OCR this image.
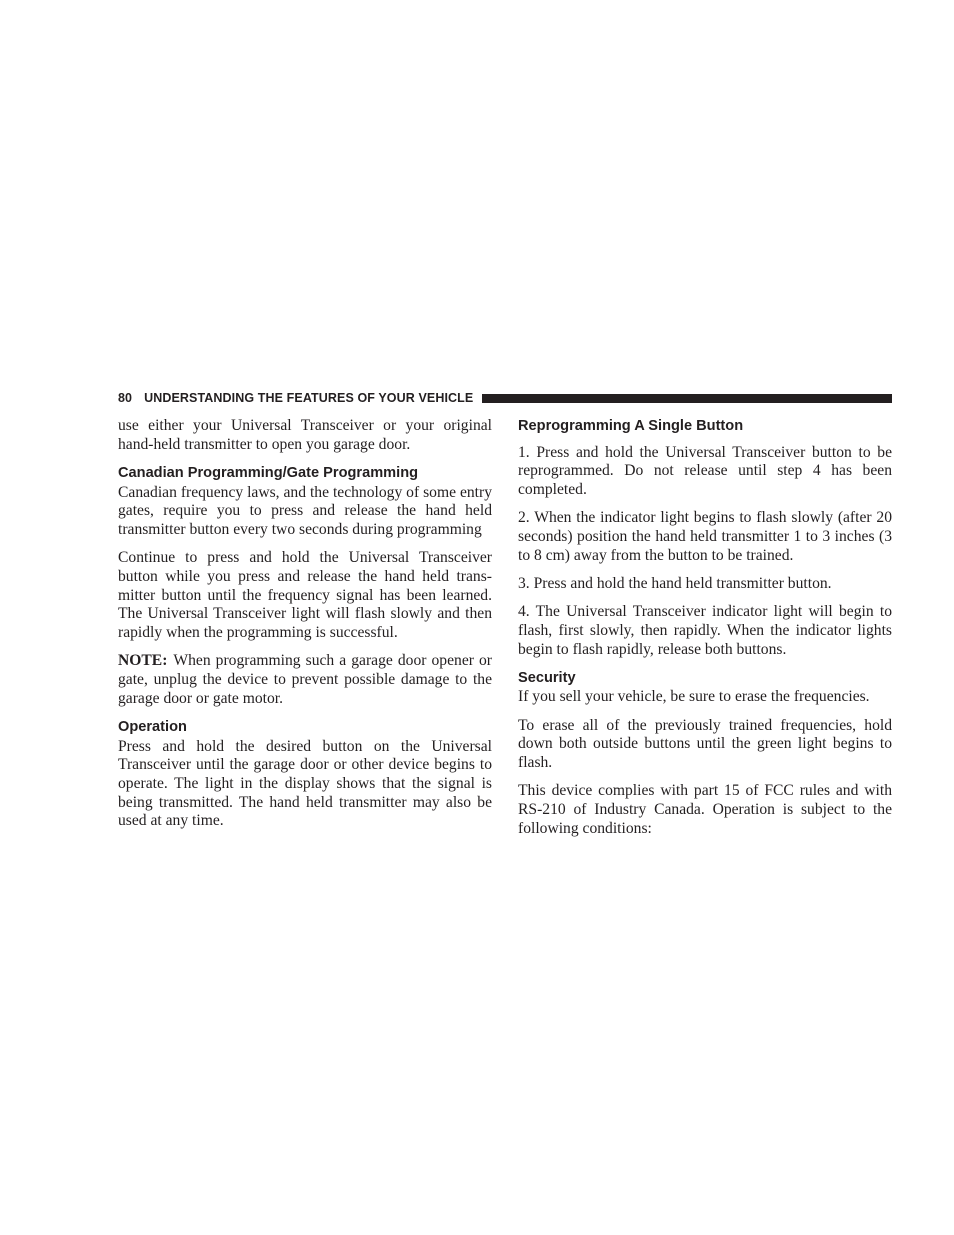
80 UNDERSTANDING THE FEATURES OF YOUR VEHICLE

use either your Universal Transceiver or your original hand-held transmitter to open you garage door.

Canadian Programming/Gate Programming

Canadian frequency laws, and the technology of some entry gates, require you to press and release the hand held transmitter button every two seconds during programming

Continue to press and hold the Universal Transceiver button while you press and release the hand held transmitter button until the frequency signal has been learned. The Universal Transceiver light will flash slowly and then rapidly when the programming is successful.

NOTE: When programming such a garage door opener or gate, unplug the device to prevent possible damage to the garage door or gate motor.

Operation

Press and hold the desired button on the Universal Transceiver until the garage door or other device begins to operate. The light in the display shows that the signal is being transmitted. The hand held transmitter may also be used at any time.

Reprogramming A Single Button

1. Press and hold the Universal Transceiver button to be reprogrammed. Do not release until step 4 has been completed.

2. When the indicator light begins to flash slowly (after 20 seconds) position the hand held transmitter 1 to 3 inches (3 to 8 cm) away from the button to be trained.

3. Press and hold the hand held transmitter button.

4. The Universal Transceiver indicator light will begin to flash, first slowly, then rapidly. When the indicator lights begin to flash rapidly, release both buttons.

Security

If you sell your vehicle, be sure to erase the frequencies.

To erase all of the previously trained frequencies, hold down both outside buttons until the green light begins to flash.

This device complies with part 15 of FCC rules and with RS-210 of Industry Canada. Operation is subject to the following conditions:
